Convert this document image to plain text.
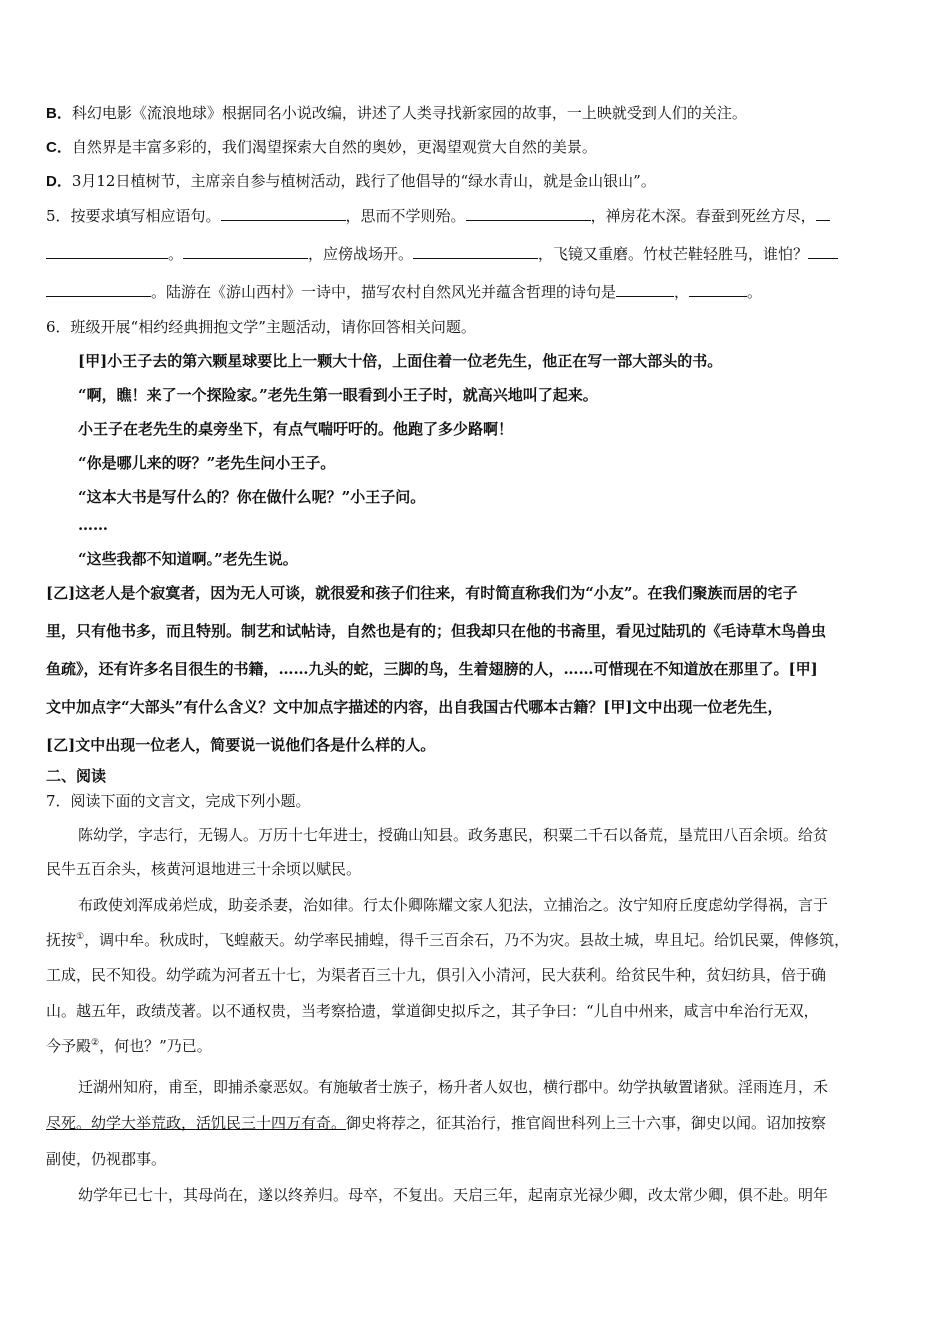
B．科幻电影《流浪地球》根据同名小说改编，讲述了人类寻找新家园的故事，一上映就受到人们的关注。
C．自然界是丰富多彩的，我们渴望探索大自然的奥妙，更渴望观赏大自然的美景。
D．3月12日植树节，主席亲自参与植树活动，践行了他倡导的“绿水青山，就是金山银山”。
5．按要求填写相应语句。	，思而不学则殆。	，禅房花木深。春蚕到死丝方尽，
。	，应傍战场开。	，飞镜又重磨。竹杖芒鞋轻胜马，谁怕？
。陆游在《游山西村》一诗中，描写农村自然风光并蕴含哲理的诗句是	，	。
6．班级开展“相约经典拥抱文学”主题活动，请你回答相关问题。
[甲]小王子去的第六颗星球要比上一颗大十倍，上面住着一位老先生，他正在写一部大部头的书。
“啊，瞧！来了一个探险家。”老先生第一眼看到小王子时，就高兴地叫了起来。
小王子在老先生的桌旁坐下，有点气喘吁吁的。他跑了多少路啊！
“你是哪儿来的呀？”老先生问小王子。
“这本大书是写什么的？你在做什么呢？”小王子问。
……
“这些我都不知道啊。”老先生说。
[乙]这老人是个寂寞者，因为无人可谈，就很爱和孩子们往来，有时简直称我们为“小友”。在我们聚族而居的宅子
里，只有他书多，而且特别。制艺和试帖诗，自然也是有的；但我却只在他的书斋里，看见过陆玑的《毛诗草木鸟兽虫
鱼疏》，还有许多名目很生的书籍，……九头的蛇，三脚的鸟，生着翅膀的人，……可惜现在不知道放在那里了。[甲]
文中加点字“大部头”有什么含义？文中加点字描述的内容，出自我国古代哪本古籍？[甲]文中出现一位老先生，
[乙]文中出现一位老人，简要说一说他们各是什么样的人。
二、阅读
7．阅读下面的文言文，完成下列小题。
陈幼学，字志行，无锡人。万历十七年进士，授确山知县。政务惠民，积粟二千石以备荒，垦荒田八百余顷。给贫
民牛五百余头，核黄河退地进三十余顷以赋民。
布政使刘浑成弟烂成，助妾杀妻，治如律。行太仆卿陈耀文家人犯法，立捕治之。汝宁知府丘度虑幼学得祸，言于
抚按①，调中牟。秋成时，飞蝗蔽天。幼学率民捕蝗，得千三百余石，乃不为灾。县故土城，卑且圮。给饥民粟，俾修筑，
工成，民不知役。幼学疏为河者五十七，为渠者百三十九，俱引入小清河，民大获利。给贫民牛种，贫妇纺具，倍于确
山。越五年，政绩茂著。以不通权贵，当考察拾遗，掌道御史拟斥之，其子争曰：“儿自中州来，咸言中牟治行无双，
今予殿②，何也？”乃已。
迁湖州知府，甫至，即捕杀豪恶奴。有施敏者士族子，杨升者人奴也，横行郡中。幼学执敏置诸狱。淫雨连月，禾
尽死。幼学大举荒政，活饥民三十四万有奇。御史将荐之，征其治行，推官阎世科列上三十六事，御史以闻。诏加按察
副使，仍视郡事。
幼学年已七十，其母尚在，遂以终养归。母卒，不复出。天启三年，起南京光禄少卿，改太常少卿，俱不赴。明年
